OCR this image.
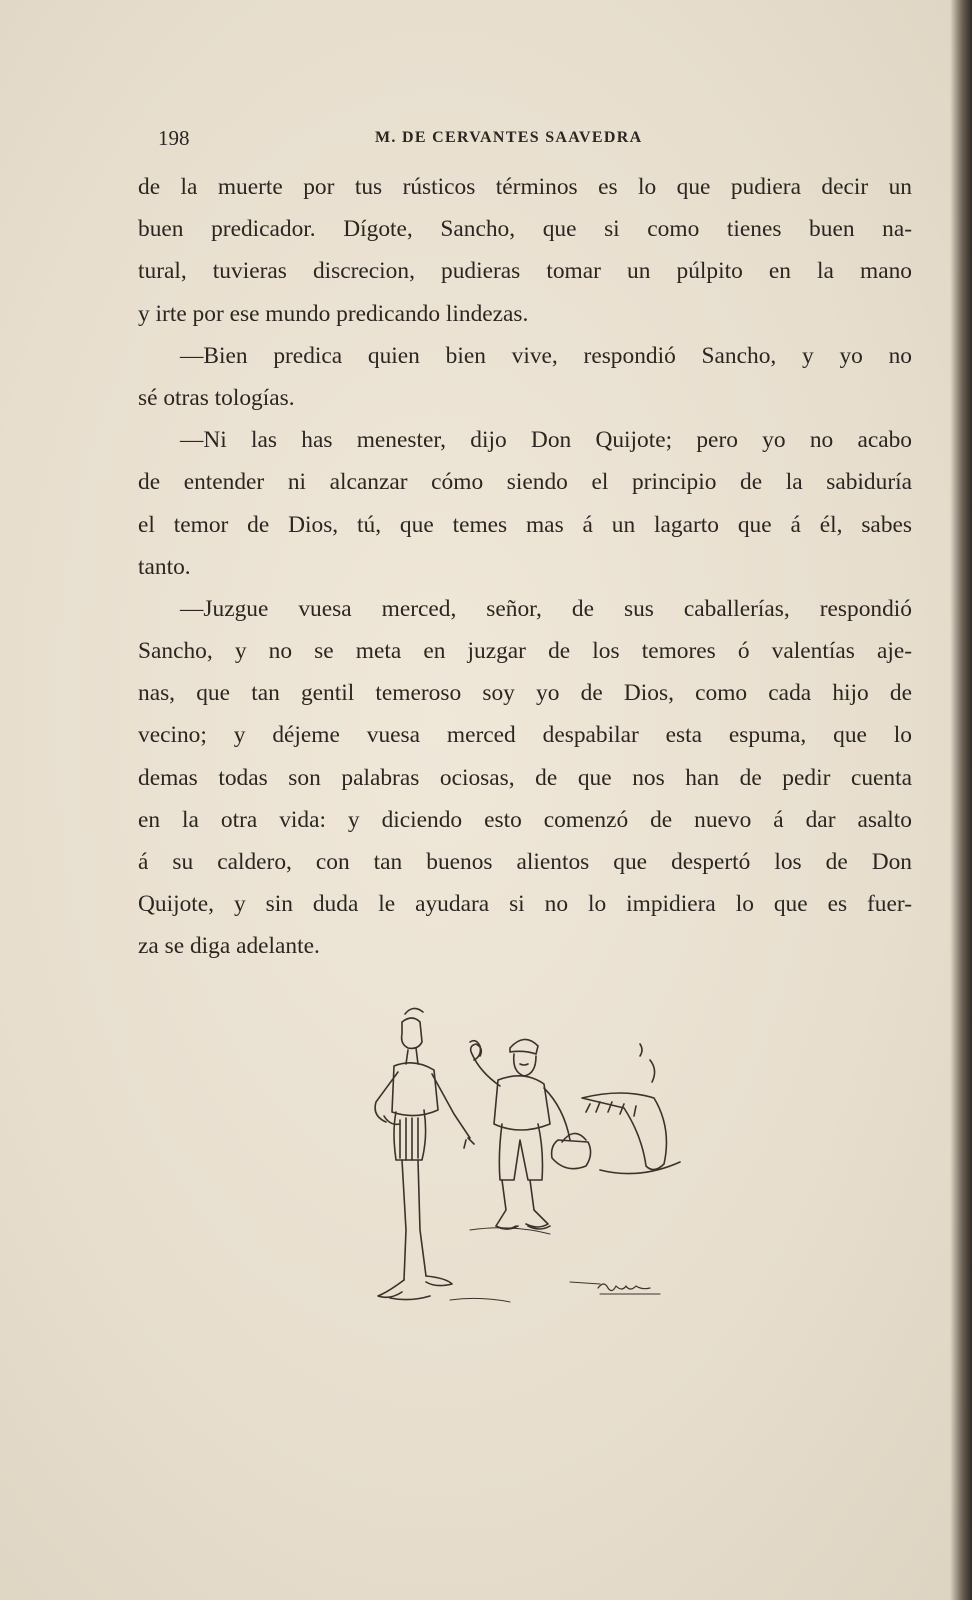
198	M. DE CERVANTES SAAVEDRA
de la muerte por tus rústicos términos es lo que pudiera decir un
buen predicador. Dígote, Sancho, que si como tienes buen na-
tural, tuvieras discrecion, pudieras tomar un púlpito en la mano
y irte por ese mundo predicando lindezas.
—Bien predica quien bien vive, respondió Sancho, y yo no
sé otras tologías.
—Ni las has menester, dijo Don Quijote; pero yo no acabo
de entender ni alcanzar cómo siendo el principio de la sabiduría
el temor de Dios, tú, que temes mas á un lagarto que á él, sabes
tanto.
—Juzgue vuesa merced, señor, de sus caballerías, respondió
Sancho, y no se meta en juzgar de los temores ó valentías aje-
nas, que tan gentil temeroso soy yo de Dios, como cada hijo de
vecino; y déjeme vuesa merced despabilar esta espuma, que lo
demas todas son palabras ociosas, de que nos han de pedir cuenta
en la otra vida: y diciendo esto comenzó de nuevo á dar asalto
á su caldero, con tan buenos alientos que despertó los de Don
Quijote, y sin duda le ayudara si no lo impidiera lo que es fuer-
za se diga adelante.
